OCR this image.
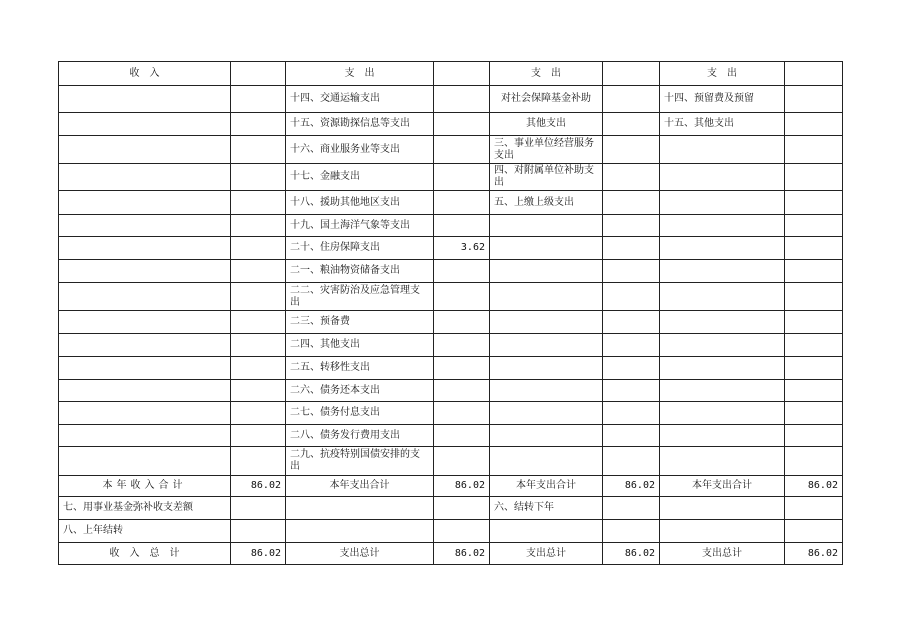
收　入		支　出		支　出		支　出	
		十四、交通运输支出		对社会保障基金补助		十四、预留费及预留	
		十五、资源勘探信息等支出		其他支出		十五、其他支出	
		十六、商业服务业等支出		三、事业单位经营服务支出			
		十七、金融支出		四、对附属单位补助支出			
		十八、援助其他地区支出		五、上缴上级支出			
		十九、国土海洋气象等支出					
		二十、住房保障支出	3.62				
		二一、粮油物资储备支出					
		二二、灾害防治及应急管理支出					
		二三、预备费					
		二四、其他支出					
		二五、转移性支出					
		二六、债务还本支出					
		二七、债务付息支出					
		二八、债务发行费用支出					
		二九、抗疫特别国债安排的支出					
本年收入合计	86.02	本年支出合计	86.02	本年支出合计	86.02	本年支出合计	86.02
七、用事业基金弥补收支差额				六、结转下年			
八、上年结转							
收　入　总　计	86.02	支出总计	86.02	支出总计	86.02	支出总计	86.02
